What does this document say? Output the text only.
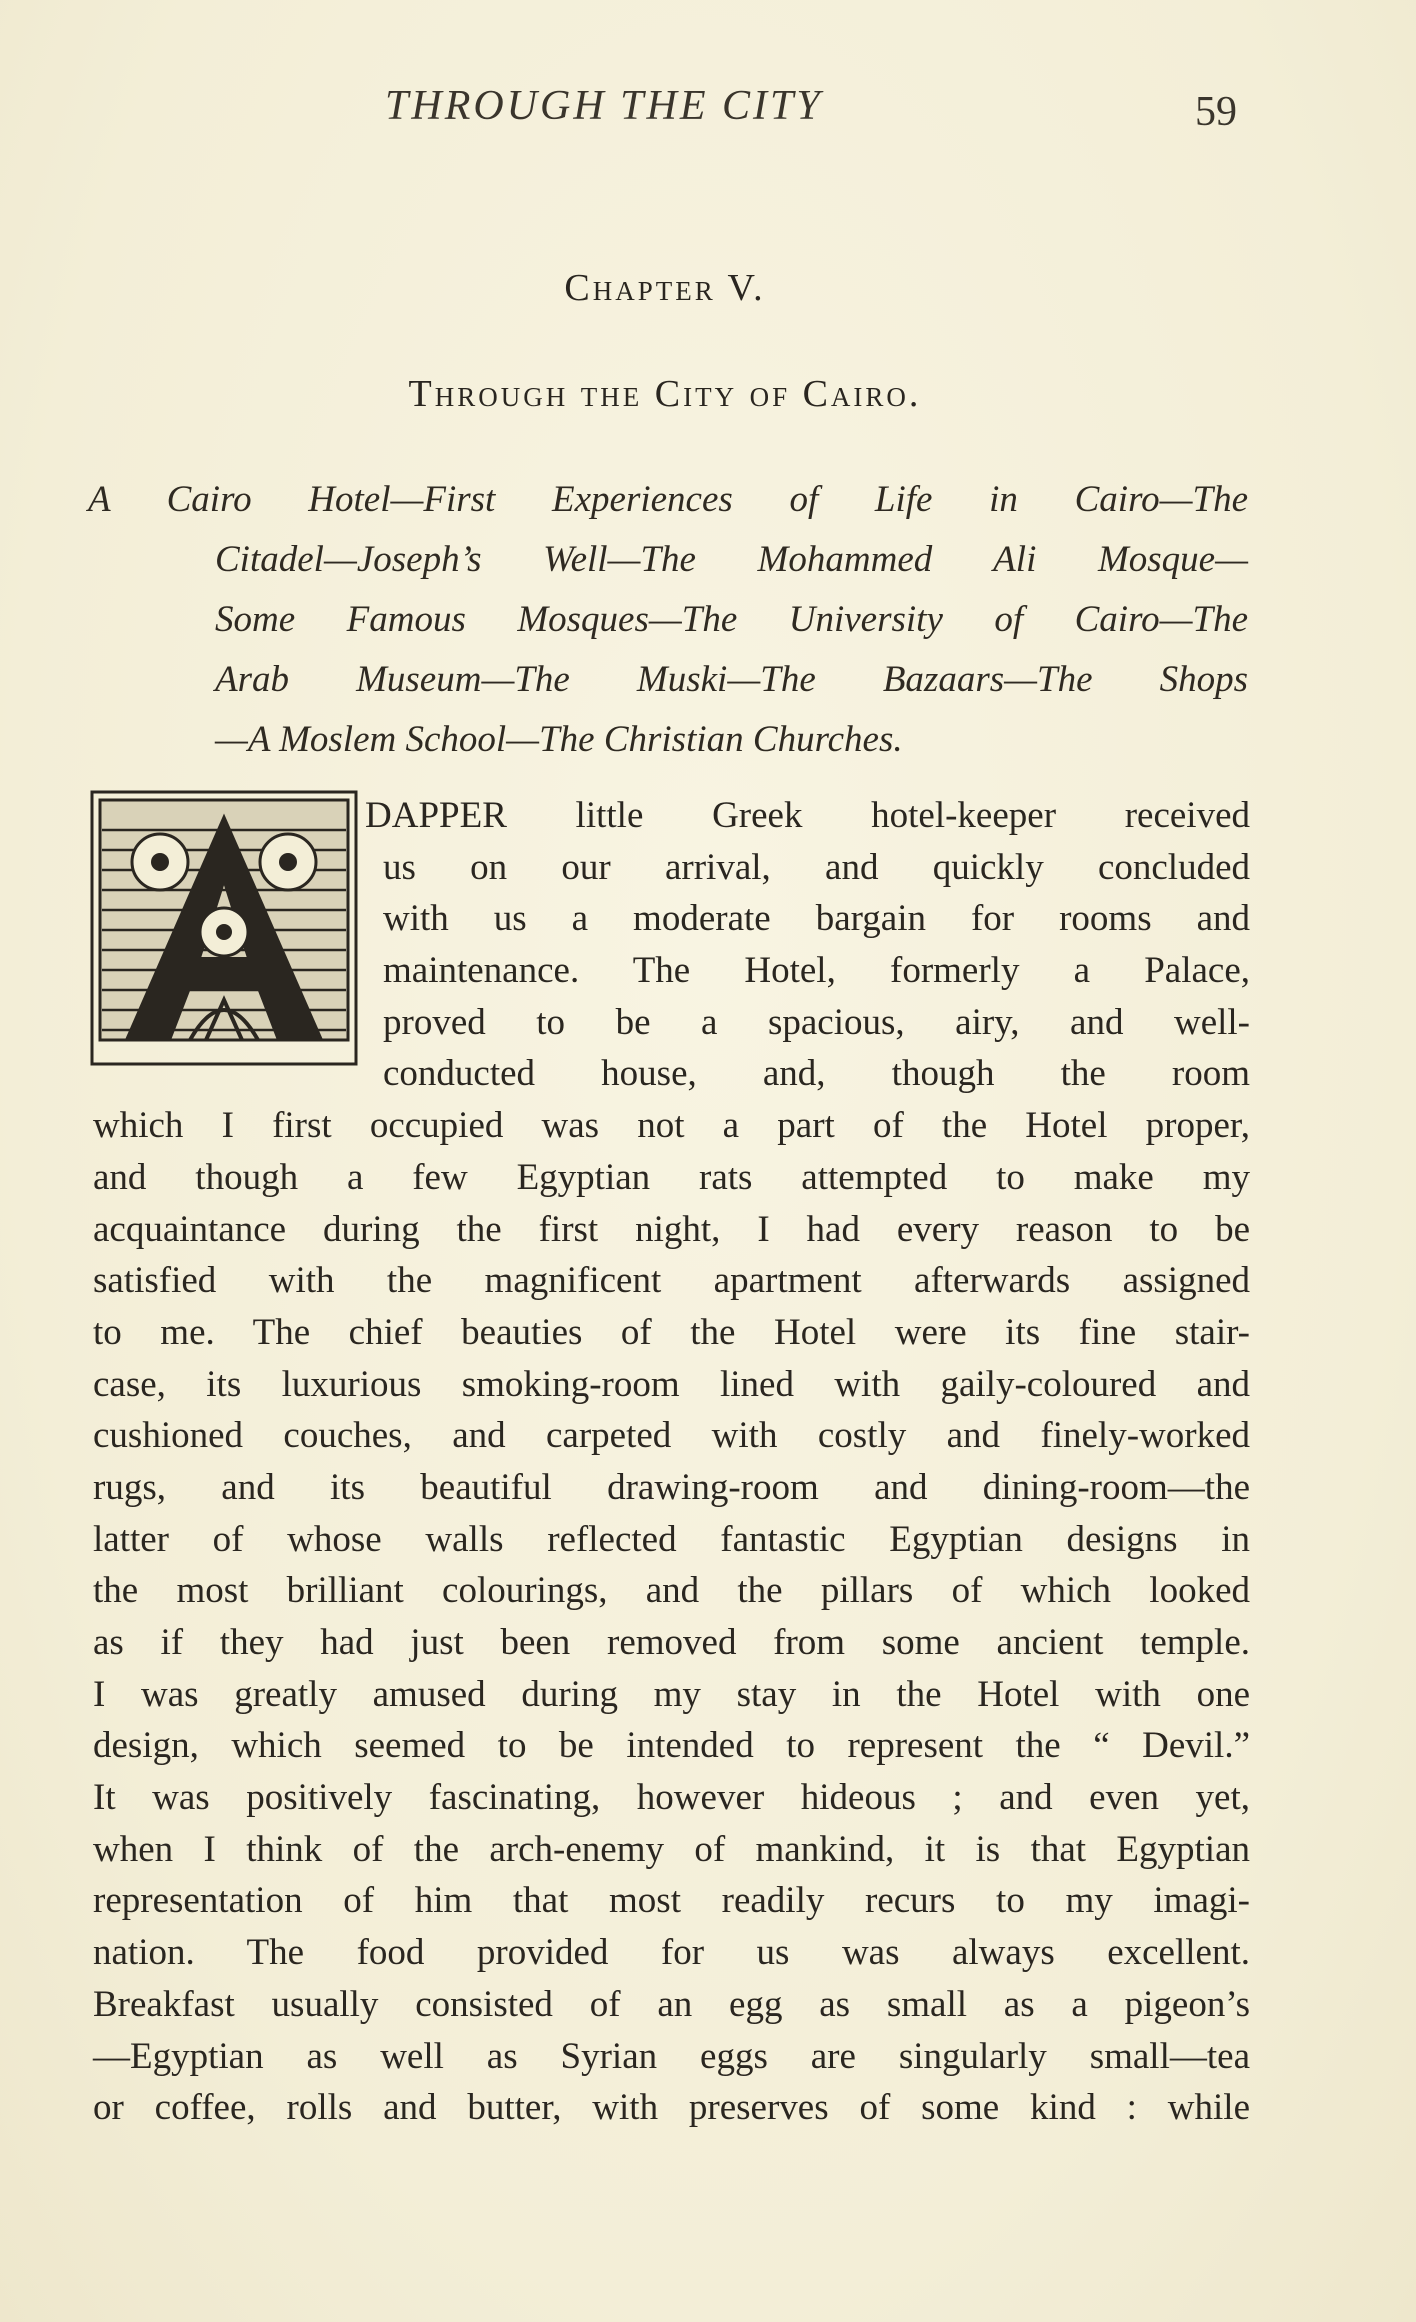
THROUGH THE CITY	59
Chapter V.
Through the City of Cairo.
A Cairo Hotel—First Experiences of Life in Cairo—The
Citadel—Joseph’s Well—The Mohammed Ali Mosque—
Some Famous Mosques—The University of Cairo—The
Arab Museum—The Muski—The Bazaars—The Shops
—A Moslem School—The Christian Churches.
DAPPER little Greek hotel-keeper received
us on our arrival, and quickly concluded
with us a moderate bargain for rooms and
maintenance. The Hotel, formerly a Palace,
proved to be a spacious, airy, and well-
conducted house, and, though the room
which I first occupied was not a part of the Hotel proper,
and though a few Egyptian rats attempted to make my
acquaintance during the first night, I had every reason to be
satisfied with the magnificent apartment afterwards assigned
to me. The chief beauties of the Hotel were its fine stair-
case, its luxurious smoking-room lined with gaily-coloured and
cushioned couches, and carpeted with costly and finely-worked
rugs, and its beautiful drawing-room and dining-room—the
latter of whose walls reflected fantastic Egyptian designs in
the most brilliant colourings, and the pillars of which looked
as if they had just been removed from some ancient temple.
I was greatly amused during my stay in the Hotel with one
design, which seemed to be intended to represent the “ Devil.”
It was positively fascinating, however hideous ; and even yet,
when I think of the arch-enemy of mankind, it is that Egyptian
representation of him that most readily recurs to my imagi-
nation. The food provided for us was always excellent.
Breakfast usually consisted of an egg as small as a pigeon’s
—Egyptian as well as Syrian eggs are singularly small—tea
or coffee, rolls and butter, with preserves of some kind : while
